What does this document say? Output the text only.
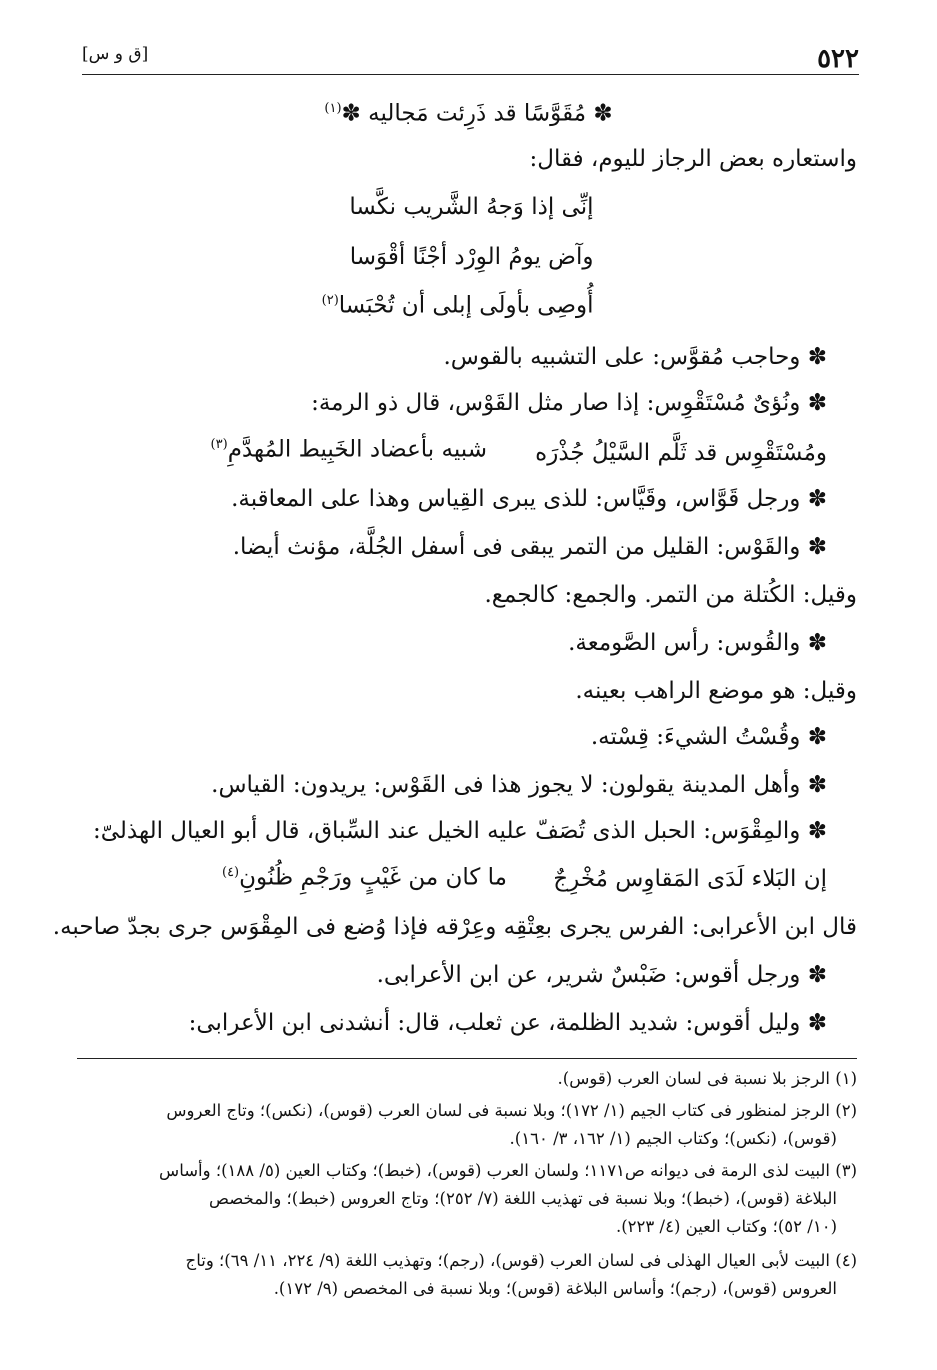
٥٢٢
[ق و س]
✽ مُقَوَّسًا قد ذَرِئت مَجاليه ✽$^{(١)}$
واستعاره بعض الرجاز لليوم، فقال:
إنِّى إذا وَجهُ الشَّريب نكَّسا
وآض يومُ الوِرْد أجْنًا أقْوَسا
أُوصِى بأولَى إبلى أن تُحْبَسا$^{(٢)}$
✽ وحاجب مُقوَّس: على التشبيه بالقوس.
✽ ونُؤىٌ مُسْتَقْوِس: إذا صار مثل القَوْس، قال ذو الرمة:
ومُسْتَقْوِس قد ثَلَّم السَّيْلُ جُذْرَه
شبيه بأعضاد الخَبِيط المُهدَّمِ$^{(٣)}$
✽ ورجل قَوَّاس، وقَيَّاس: للذى يبرى القِياس وهذا على المعاقبة.
✽ والقَوْس: القليل من التمر يبقى فى أسفل الجُلَّة، مؤنث أيضا.
وقيل: الكُتلة من التمر. والجمع: كالجمع.
✽ والقُوس: رأس الصَّومعة.
وقيل: هو موضع الراهب بعينه.
✽ وقُسْتُ الشيءَ: قِسْته.
✽ وأهل المدينة يقولون: لا يجوز هذا فى القَوْس: يريدون: القياس.
✽ والمِقْوَس: الحبل الذى تُصَفّ عليه الخيل عند السِّباق، قال أبو العيال الهذلىّ:
إن البَلاء لَدَى المَقاوِس مُخْرِجٌ
ما كان من غَيْبٍ ورَجْمِ ظُنُونِ$^{(٤)}$
قال ابن الأعرابى: الفرس يجرى بعِتْقِه وعِرْقه فإذا وُضع فى المِقْوَس جرى بجدّ صاحبه.
✽ ورجل أقوس: ضَبْسٌ شرير، عن ابن الأعرابى.
✽ وليل أقوس: شديد الظلمة، عن ثعلب، قال: أنشدنى ابن الأعرابى:
(١) الرجز بلا نسبة فى لسان العرب (قوس).
(٢) الرجز لمنظور فى كتاب الجيم (١/ ١٧٢)؛ وبلا نسبة فى لسان العرب (قوس)، (نكس)؛ وتاج العروس
(قوس)، (نكس)؛ وكتاب الجيم (١/ ١٦٢، ٣/ ١٦٠).
(٣) البيت لذى الرمة فى ديوانه ص١١٧١؛ ولسان العرب (قوس)، (خبط)؛ وكتاب العين (٥/ ١٨٨)؛ وأساس
البلاغة (قوس)، (خبط)؛ وبلا نسبة فى تهذيب اللغة (٧/ ٢٥٢)؛ وتاج العروس (خبط)؛ والمخصص
(١٠/ ٥٢)؛ وكتاب العين (٤/ ٢٢٣).
(٤) البيت لأبى العيال الهذلى فى لسان العرب (قوس)، (رجم)؛ وتهذيب اللغة (٩/ ٢٢٤، ١١/ ٦٩)؛ وتاج
العروس (قوس)، (رجم)؛ وأساس البلاغة (قوس)؛ وبلا نسبة فى المخصص (٩/ ١٧٢).
